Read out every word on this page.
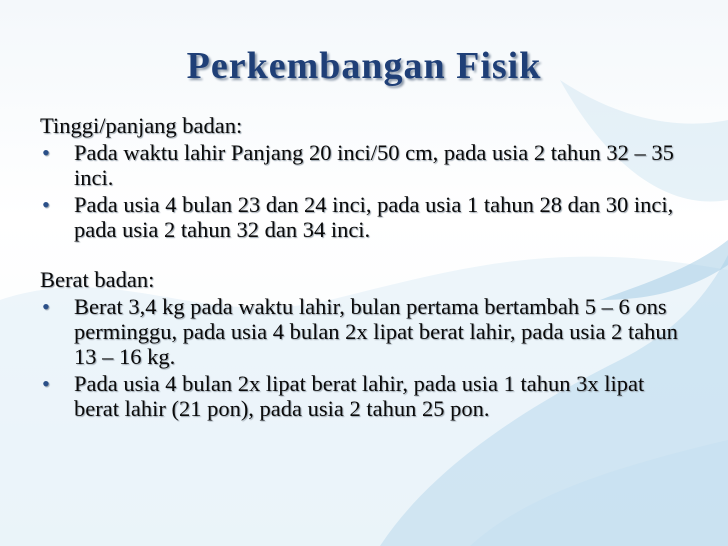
Perkembangan Fisik

Tinggi/panjang badan:

• Pada waktu lahir Panjang 20 inci/50 cm, pada usia 2 tahun 32 – 35 inci.
• Pada usia 4 bulan 23 dan 24 inci, pada usia 1 tahun 28 dan 30 inci, pada usia 2 tahun 32 dan 34 inci.

Berat badan:

• Berat 3,4 kg pada waktu lahir, bulan pertama bertambah 5 – 6 ons perminggu, pada usia 4 bulan 2x lipat berat lahir, pada usia 2 tahun 13 – 16 kg.
• Pada usia 4 bulan 2x lipat berat lahir, pada usia 1 tahun 3x lipat berat lahir (21 pon), pada usia 2 tahun 25 pon.
